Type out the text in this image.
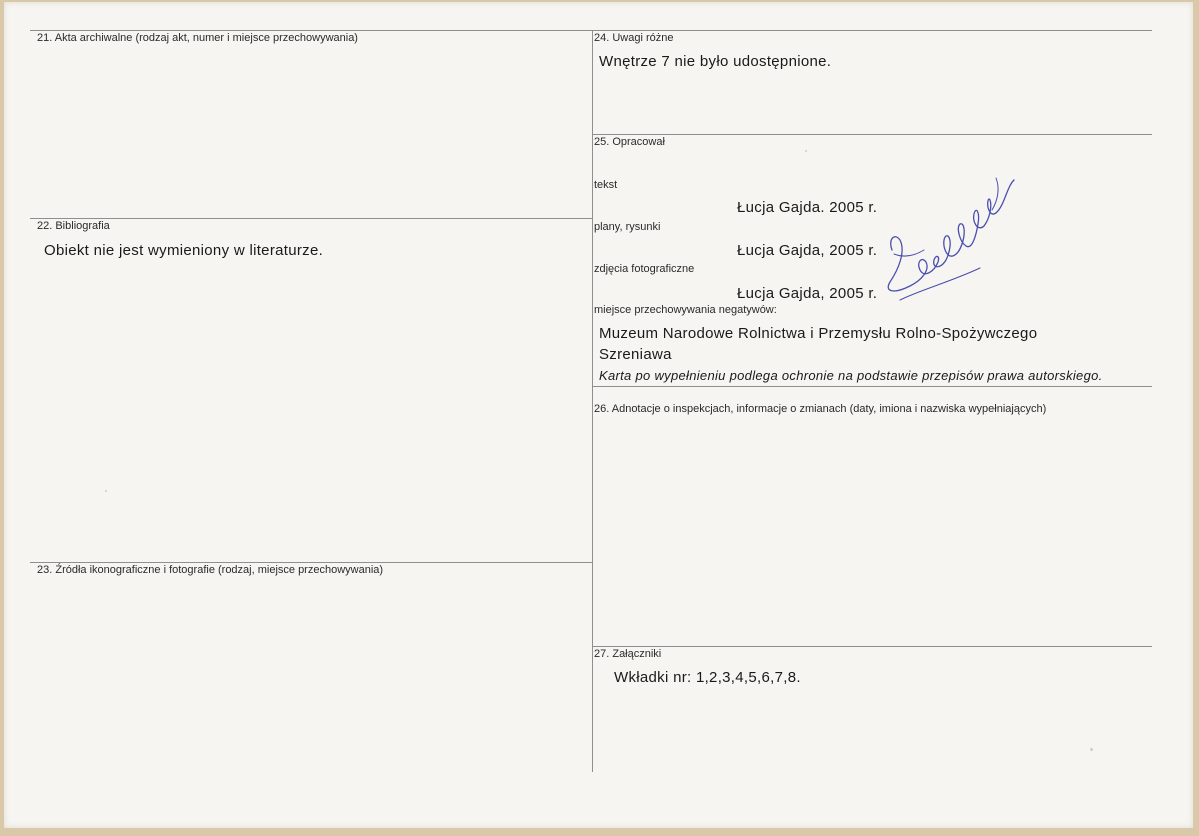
21. Akta archiwalne (rodzaj akt, numer i miejsce przechowywania)
22. Bibliografia
Obiekt nie jest wymieniony w literaturze.
23. Źródła ikonograficzne i fotografie (rodzaj, miejsce przechowywania)
24. Uwagi różne
Wnętrze 7 nie było udostępnione.
25. Opracował
tekst
Łucja Gajda. 2005 r.
plany, rysunki
Łucja Gajda, 2005 r.
zdjęcia fotograficzne
Łucja Gajda, 2005 r.
miejsce przechowywania negatywów:
Muzeum Narodowe Rolnictwa i Przemysłu Rolno-Spożywczego
Szreniawa
Karta po wypełnieniu podlega ochronie na podstawie przepisów prawa autorskiego.
26. Adnotacje o inspekcjach, informacje o zmianach (daty, imiona i nazwiska wypełniających)
27. Załączniki
Wkładki nr: 1,2,3,4,5,6,7,8.
